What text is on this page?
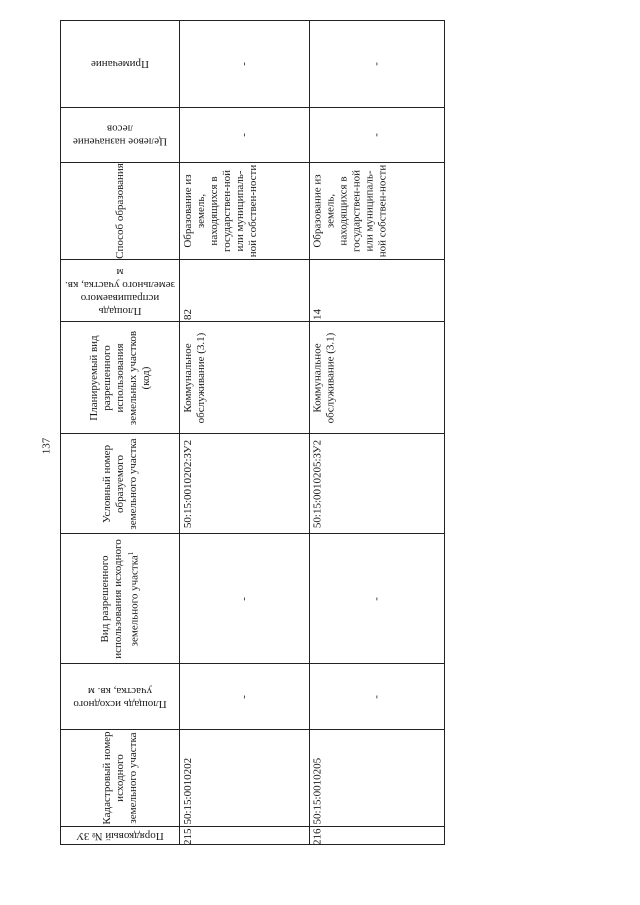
137
Примечание
Целевое назначение лесов
Способ образования
Площадь испрашиваемого земельного участка, кв. м
Планируемый вид разрешенного использования земельных участков (код)
Условный номер образуемого земельного участка
Вид разрешенного использования исходного земельного участка$^1$
Площадь исходного участка, кв. м
Кадастровый номер исходного земельного участка
Порядковый № ЗУ
-
-
Образование из земель, находящихся в государствен-ной или муниципаль-ной собствен-ности
82
Коммунальное обслуживание (3.1)
50:15:0010202:ЗУ2
-
-
50:15:0010202
215
-
-
Образование из земель, находящихся в государствен-ной или муниципаль-ной собствен-ности
14
Коммунальное обслуживание (3.1)
50:15:0010205:ЗУ2
-
-
50:15:0010205
216
